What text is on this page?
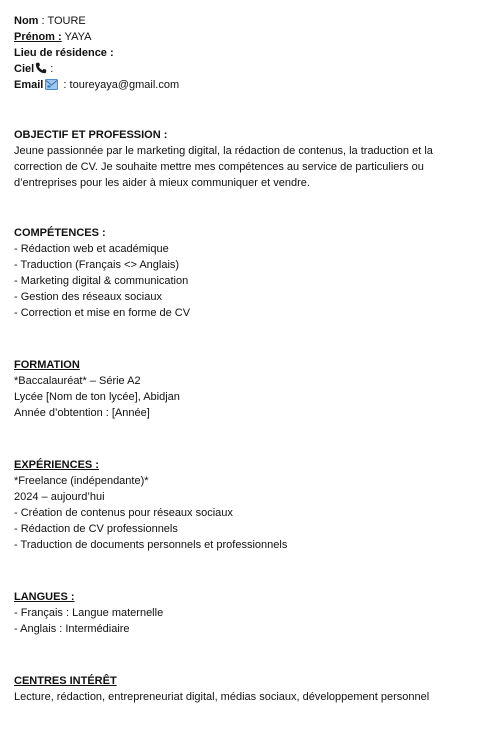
Nom : TOURE
Prénom : YAYA
Lieu de résidence :
Ciel :
Email : toureyaya@gmail.com
OBJECTIF ET PROFESSION :
Jeune passionnée par le marketing digital, la rédaction de contenus, la traduction et la
correction de CV. Je souhaite mettre mes compétences au service de particuliers ou
d’entreprises pour les aider à mieux communiquer et vendre.
COMPÉTENCES :
- Rédaction web et académique
- Traduction (Français <> Anglais)
- Marketing digital & communication
- Gestion des réseaux sociaux
- Correction et mise en forme de CV
FORMATION
*Baccalauréat* – Série A2
Lycée [Nom de ton lycée], Abidjan
Année d’obtention : [Année]
EXPÉRIENCES :
*Freelance (indépendante)*
2024 – aujourd’hui
- Création de contenus pour réseaux sociaux
- Rédaction de CV professionnels
- Traduction de documents personnels et professionnels
LANGUES :
- Français : Langue maternelle
- Anglais : Intermédiaire
CENTRES INTÉRÊT
Lecture, rédaction, entrepreneuriat digital, médias sociaux, développement personnel
